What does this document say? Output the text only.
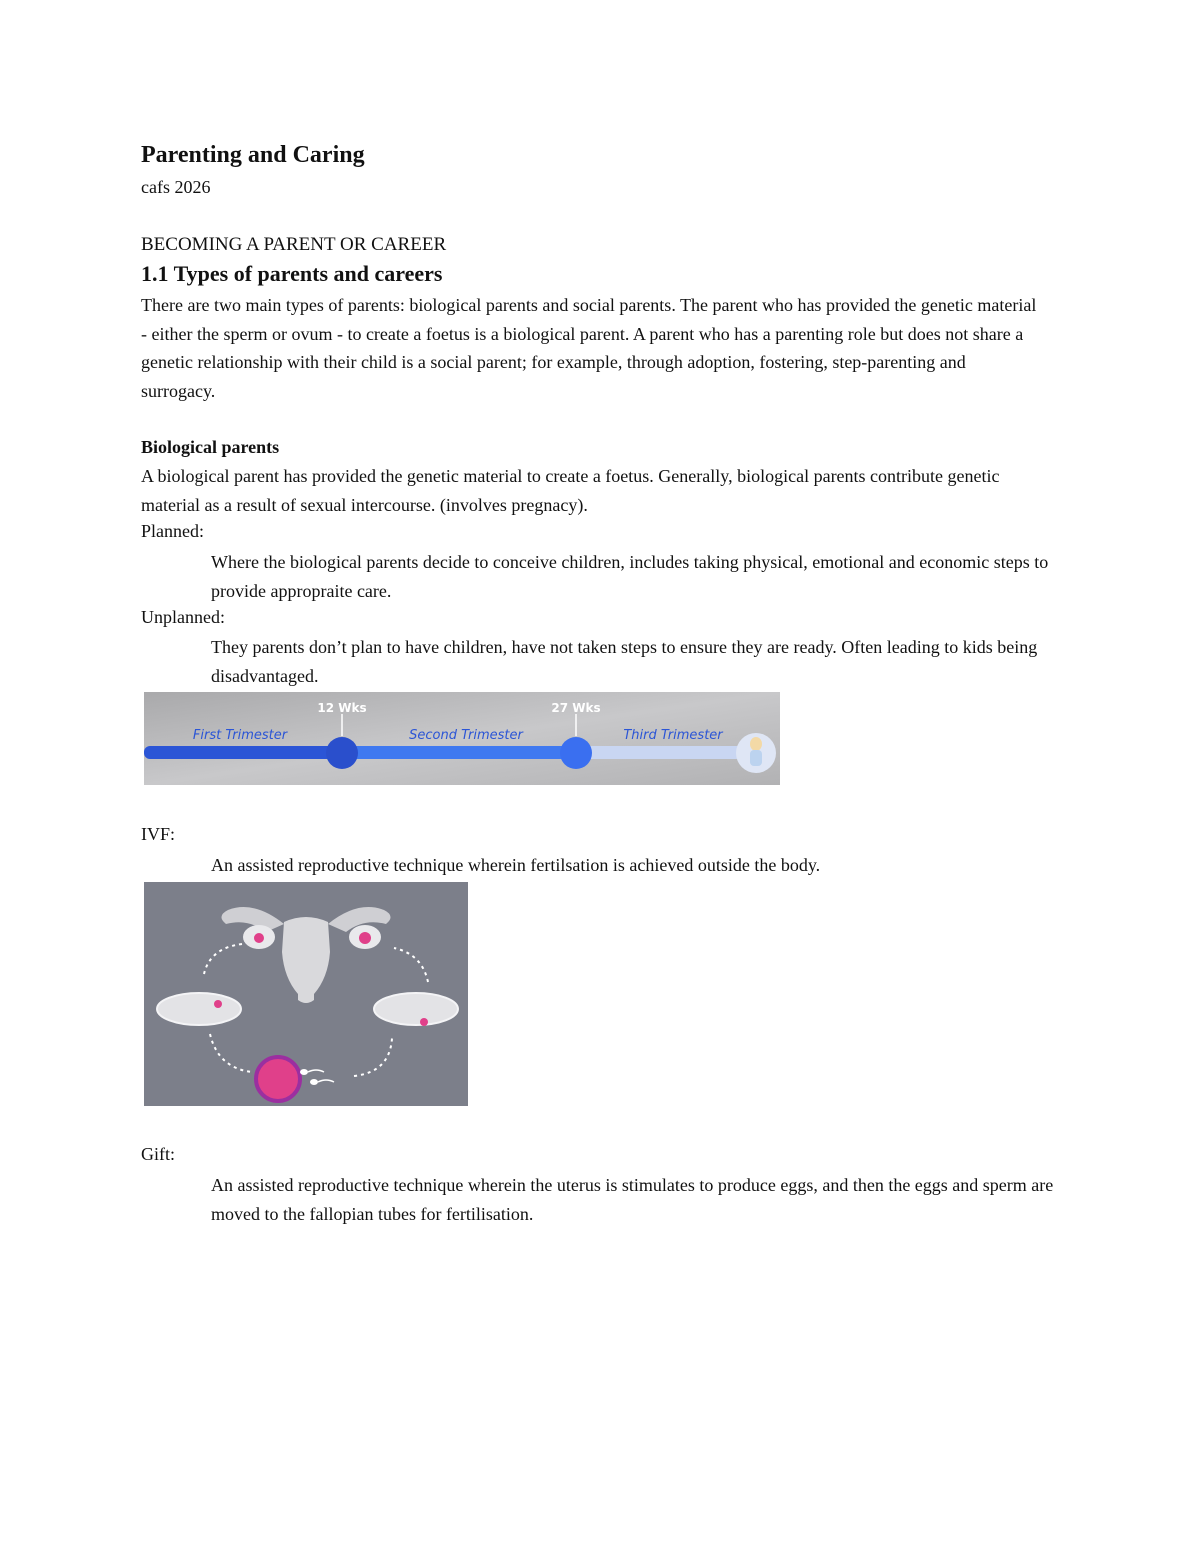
Parenting and Caring
cafs 2026
BECOMING A PARENT OR CAREER
1.1 Types of parents and careers

There are two main types of parents: biological parents and social parents. The parent who has provided the genetic material - either the sperm or ovum - to create a foetus is a biological parent. A parent who has a parenting role but does not share a genetic relationship with their child is a social parent; for example, through adoption, fostering, step-parenting and surrogacy.

Biological parents

A biological parent has provided the genetic material to create a foetus. Generally, biological parents contribute genetic material as a result of sexual intercourse. (involves pregnacy).

Planned:

Where the biological parents decide to conceive children, includes taking physical, emotional and economic steps to provide appropraite care.

Unplanned:

They parents don’t plan to have children, have not taken steps to ensure they are ready. Often leading to kids being disadvantaged.

12 Wks	27 Wks
First Trimester	Second Trimester	Third Trimester
IVF:

An assisted reproductive technique wherein fertilsation is achieved outside the body.

Gift:

An assisted reproductive technique wherein the uterus is stimulates to produce eggs, and then the eggs and sperm are moved to the fallopian tubes for fertilisation.
